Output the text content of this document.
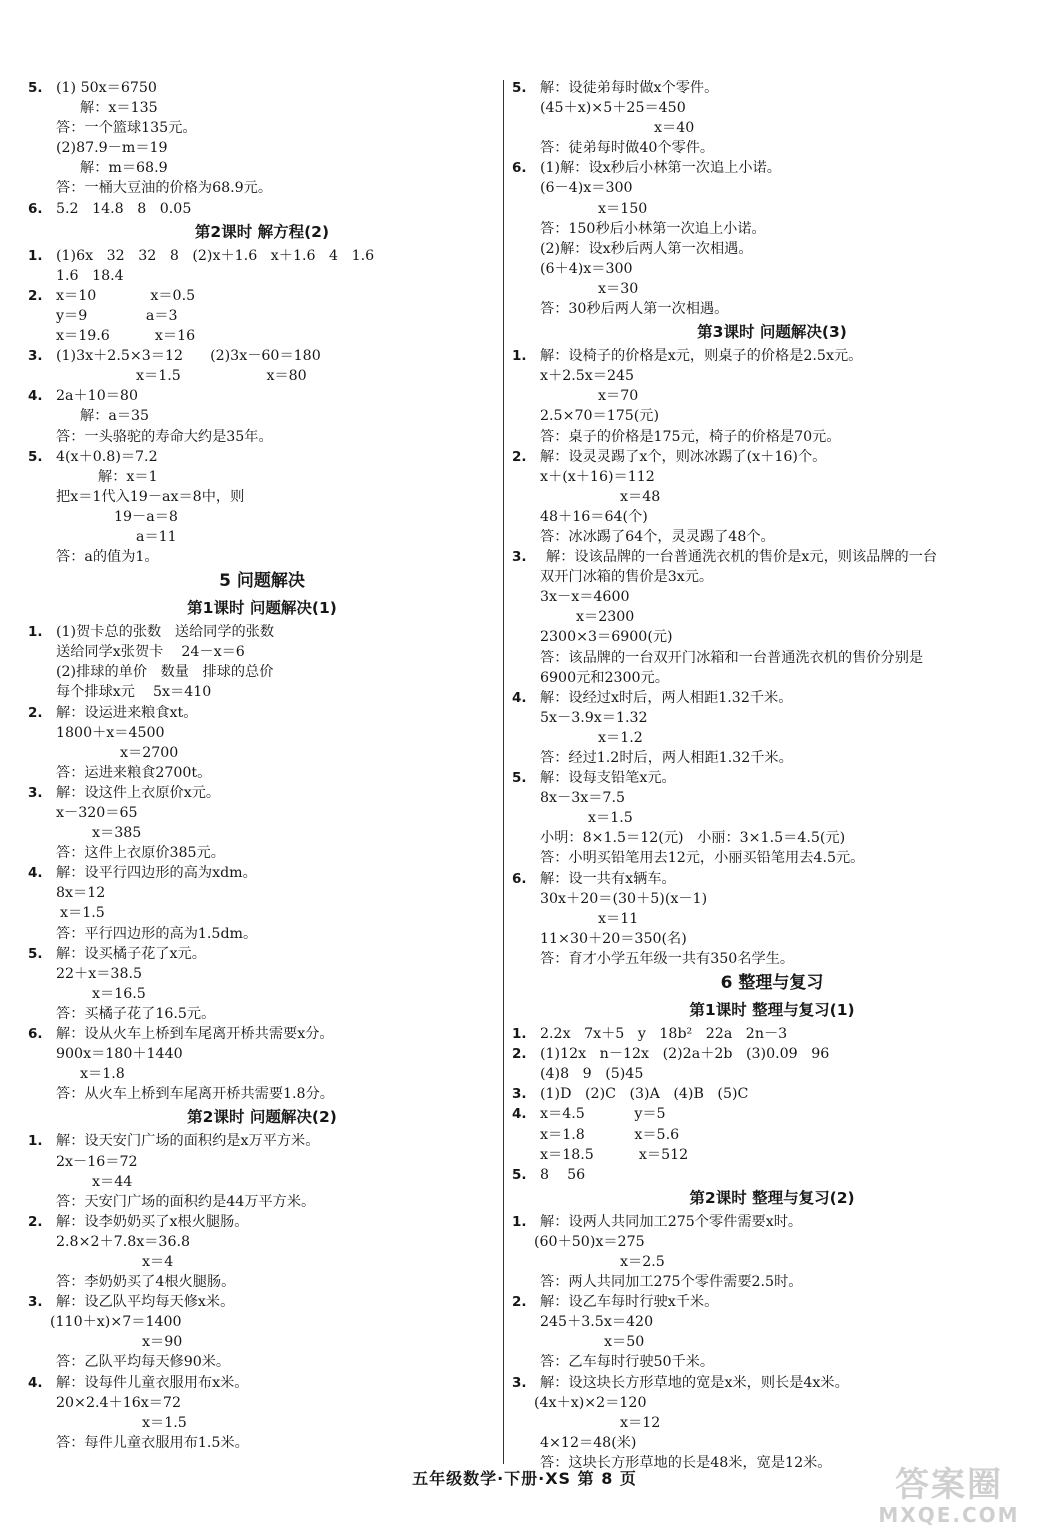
5. (1) 50x＝6750
解：x＝135
答：一个篮球135元。
(2)87.9－m＝19
解：m＝68.9
答：一桶大豆油的价格为68.9元。
6. 5.2   14.8   8   0.05
第2课时 解方程(2)
1. (1)6x   32   32   8   (2)x＋1.6   x＋1.6   4   1.6
1.6   18.4
2. x＝10            x＝0.5
y＝9             a＝3
x＝19.6          x＝16
3. (1)3x＋2.5×3＝12      (2)3x－60＝180
x＝1.5                   x＝80
4. 2a＋10＝80
解：a＝35
答：一头骆驼的寿命大约是35年。
5. 4(x＋0.8)＝7.2
解：x＝1
把x＝1代入19－ax＝8中，则
19－a＝8
a＝11
答：a的值为1。
5 问题解决
第1课时 问题解决(1)
1. (1)贺卡总的张数   送给同学的张数
送给同学x张贺卡    24－x＝6
(2)排球的单价   数量   排球的总价
每个排球x元    5x＝410
2. 解：设运进来粮食xt。
1800＋x＝4500
x＝2700
答：运进来粮食2700t。
3. 解：设这件上衣原价x元。
x－320＝65
x＝385
答：这件上衣原价385元。
4. 解：设平行四边形的高为xdm。
8x＝12
x＝1.5
答：平行四边形的高为1.5dm。
5. 解：设买橘子花了x元。
22＋x＝38.5
x＝16.5
答：买橘子花了16.5元。
6. 解：设从火车上桥到车尾离开桥共需要x分。
900x＝180＋1440
x＝1.8
答：从火车上桥到车尾离开桥共需要1.8分。
第2课时 问题解决(2)
1. 解：设天安门广场的面积约是x万平方米。
2x－16＝72
x＝44
答：天安门广场的面积约是44万平方米。
2. 解：设李奶奶买了x根火腿肠。
2.8×2＋7.8x＝36.8
x＝4
答：李奶奶买了4根火腿肠。
3. 解：设乙队平均每天修x米。
(110＋x)×7＝1400
x＝90
答：乙队平均每天修90米。
4. 解：设每件儿童衣服用布x米。
20×2.4＋16x＝72
x＝1.5
答：每件儿童衣服用布1.5米。
5. 解：设徒弟每时做x个零件。
(45＋x)×5＋25＝450
x＝40
答：徒弟每时做40个零件。
6. (1)解：设x秒后小林第一次追上小诺。
(6－4)x＝300
x＝150
答：150秒后小林第一次追上小诺。
(2)解：设x秒后两人第一次相遇。
(6＋4)x＝300
x＝30
答：30秒后两人第一次相遇。
第3课时 问题解决(3)
1. 解：设椅子的价格是x元，则桌子的价格是2.5x元。
x＋2.5x＝245
x＝70
2.5×70＝175(元)
答：桌子的价格是175元，椅子的价格是70元。
2. 解：设灵灵踢了x个，则冰冰踢了(x＋16)个。
x＋(x＋16)＝112
x＝48
48＋16＝64(个)
答：冰冰踢了64个，灵灵踢了48个。
3. 解：设该品牌的一台普通洗衣机的售价是x元，则该品牌的一台
双开门冰箱的售价是3x元。
3x－x＝4600
x＝2300
2300×3＝6900(元)
答：该品牌的一台双开门冰箱和一台普通洗衣机的售价分别是
6900元和2300元。
4. 解：设经过x时后，两人相距1.32千米。
5x－3.9x＝1.32
x＝1.2
答：经过1.2时后，两人相距1.32千米。
5. 解：设每支铅笔x元。
8x－3x＝7.5
x＝1.5
小明：8×1.5＝12(元)   小丽：3×1.5＝4.5(元)
答：小明买铅笔用去12元，小丽买铅笔用去4.5元。
6. 解：设一共有x辆车。
30x＋20＝(30＋5)(x－1)
x＝11
11×30＋20＝350(名)
答：育才小学五年级一共有350名学生。
6 整理与复习
第1课时 整理与复习(1)
1. 2.2x   7x＋5   y   18b²   22a   2n－3
2. (1)12x   n－12x   (2)2a＋2b   (3)0.09   96
(4)8   9   (5)45
3. (1)D   (2)C   (3)A   (4)B   (5)C
4. x＝4.5           y＝5
x＝1.8           x＝5.6
x＝18.5          x＝512
5. 8    56
第2课时 整理与复习(2)
1. 解：设两人共同加工275个零件需要x时。
(60＋50)x＝275
x＝2.5
答：两人共同加工275个零件需要2.5时。
2. 解：设乙车每时行驶x千米。
245＋3.5x＝420
x＝50
答：乙车每时行驶50千米。
3. 解：设这块长方形草地的宽是x米，则长是4x米。
(4x＋x)×2＝120
x＝12
4×12＝48(米)
答：这块长方形草地的长是48米，宽是12米。
五年级数学·下册·XS 第 8 页	答案圈
MXQE.COM
